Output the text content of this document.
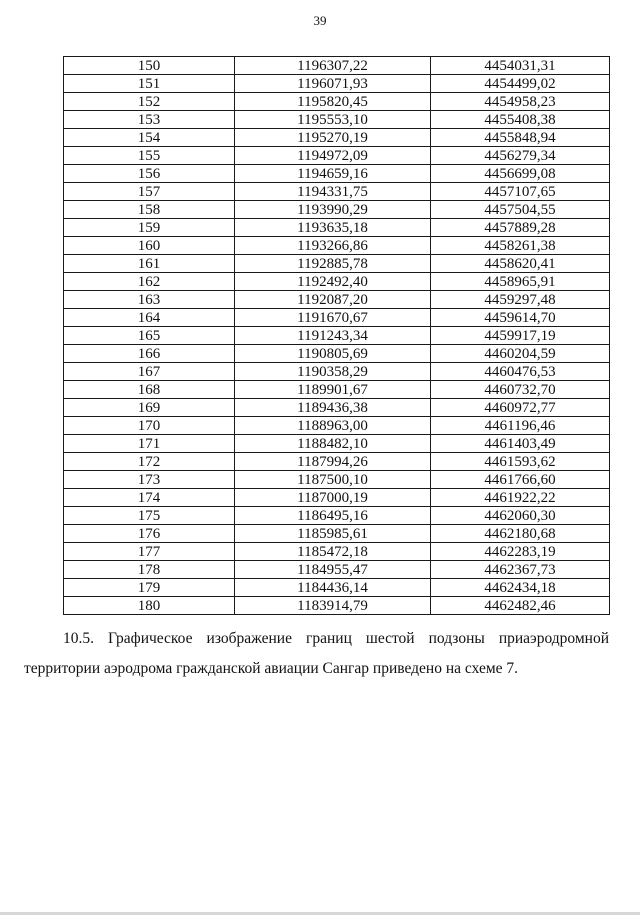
39
150	1196307,22	4454031,31
151	1196071,93	4454499,02
152	1195820,45	4454958,23
153	1195553,10	4455408,38
154	1195270,19	4455848,94
155	1194972,09	4456279,34
156	1194659,16	4456699,08
157	1194331,75	4457107,65
158	1193990,29	4457504,55
159	1193635,18	4457889,28
160	1193266,86	4458261,38
161	1192885,78	4458620,41
162	1192492,40	4458965,91
163	1192087,20	4459297,48
164	1191670,67	4459614,70
165	1191243,34	4459917,19
166	1190805,69	4460204,59
167	1190358,29	4460476,53
168	1189901,67	4460732,70
169	1189436,38	4460972,77
170	1188963,00	4461196,46
171	1188482,10	4461403,49
172	1187994,26	4461593,62
173	1187500,10	4461766,60
174	1187000,19	4461922,22
175	1186495,16	4462060,30
176	1185985,61	4462180,68
177	1185472,18	4462283,19
178	1184955,47	4462367,73
179	1184436,14	4462434,18
180	1183914,79	4462482,46
10.5. Графическое изображение границ шестой подзоны приаэродромной
территории аэродрома гражданской авиации Сангар приведено на схеме 7.
